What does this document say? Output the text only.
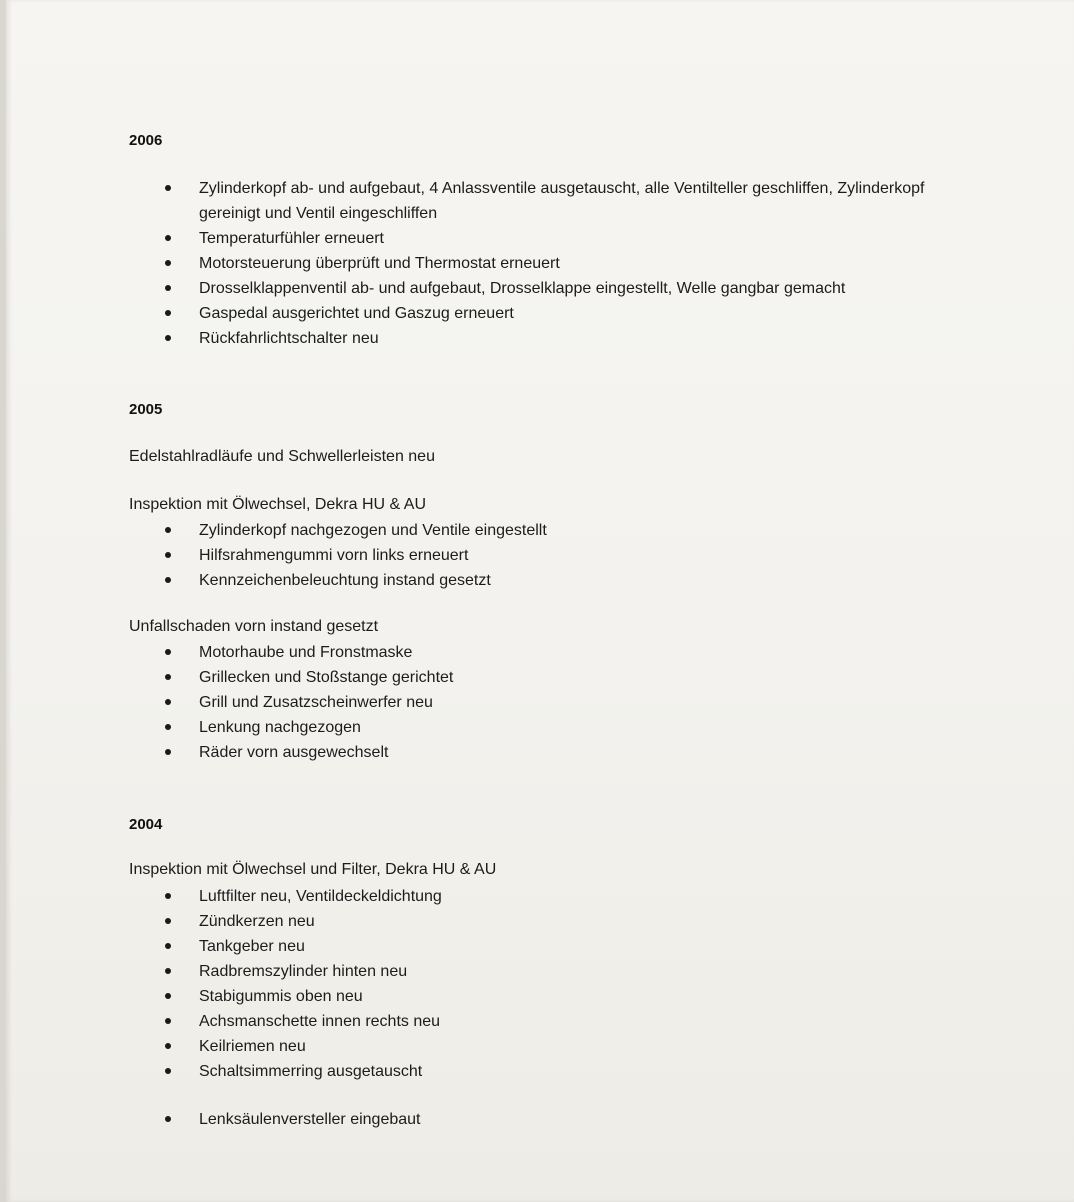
2006
Zylinderkopf ab- und aufgebaut, 4 Anlassventile ausgetauscht, alle Ventilteller geschliffen, Zylinderkopf gereinigt und Ventil eingeschliffen
Temperaturfühler erneuert
Motorsteuerung überprüft und Thermostat erneuert
Drosselklappenventil ab- und aufgebaut, Drosselklappe eingestellt, Welle gangbar gemacht
Gaspedal ausgerichtet und Gaszug erneuert
Rückfahrlichtschalter neu
2005
Edelstahlradläufe und Schwellerleisten neu
Inspektion mit Ölwechsel, Dekra HU & AU
Zylinderkopf nachgezogen und Ventile eingestellt
Hilfsrahmengummi vorn links erneuert
Kennzeichenbeleuchtung instand gesetzt
Unfallschaden vorn instand gesetzt
Motorhaube und Fronstmaske
Grillecken und Stoßstange gerichtet
Grill und Zusatzscheinwerfer neu
Lenkung nachgezogen
Räder vorn ausgewechselt
2004
Inspektion mit Ölwechsel und Filter, Dekra HU & AU
Luftfilter neu, Ventildeckeldichtung
Zündkerzen neu
Tankgeber neu
Radbremszylinder hinten neu
Stabigummis oben neu
Achsmanschette innen rechts neu
Keilriemen neu
Schaltsimmerring ausgetauscht
Lenksäulenversteller eingebaut
